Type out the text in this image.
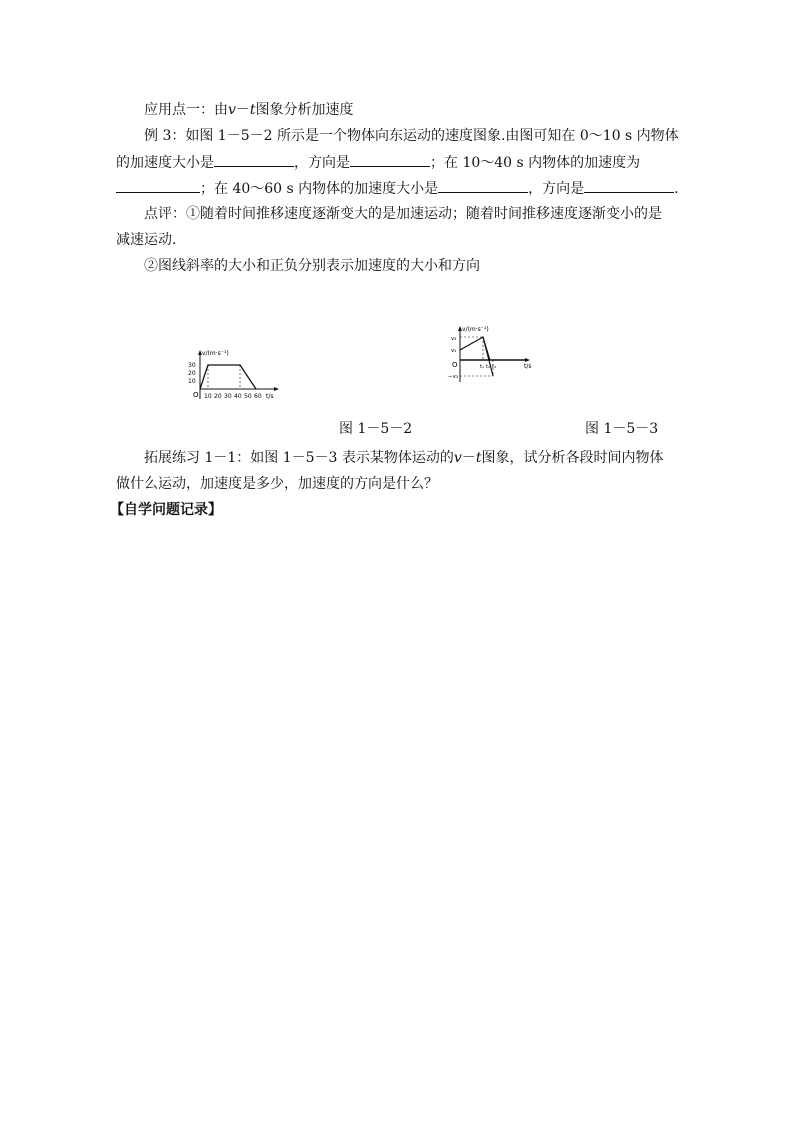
应用点一：由v－t图象分析加速度
例 3：如图 1－5－2 所示是一个物体向东运动的速度图象.由图可知在 0～10 s 内物体
的加速度大小是	，方向是	；在 10～40 s 内物体的加速度为
；在 40～60 s 内物体的加速度大小是	，方向是	.
点评：①随着时间推移速度逐渐变大的是加速运动；随着时间推移速度逐渐变小的是
减速运动.
②图线斜率的大小和正负分别表示加速度的大小和方向
v/(m·s⁻¹)
30
20
10
O 10 20 30 40 50 60 t/s
v/(m·s⁻¹)
v₂
v₁
−v₃
O	t₁ t₂ t₃	t/s
图 1－5－2	图 1－5－3
拓展练习 1－1：如图 1－5－3 表示某物体运动的v－t图象，试分析各段时间内物体
做什么运动，加速度是多少，加速度的方向是什么？
【自学问题记录】
